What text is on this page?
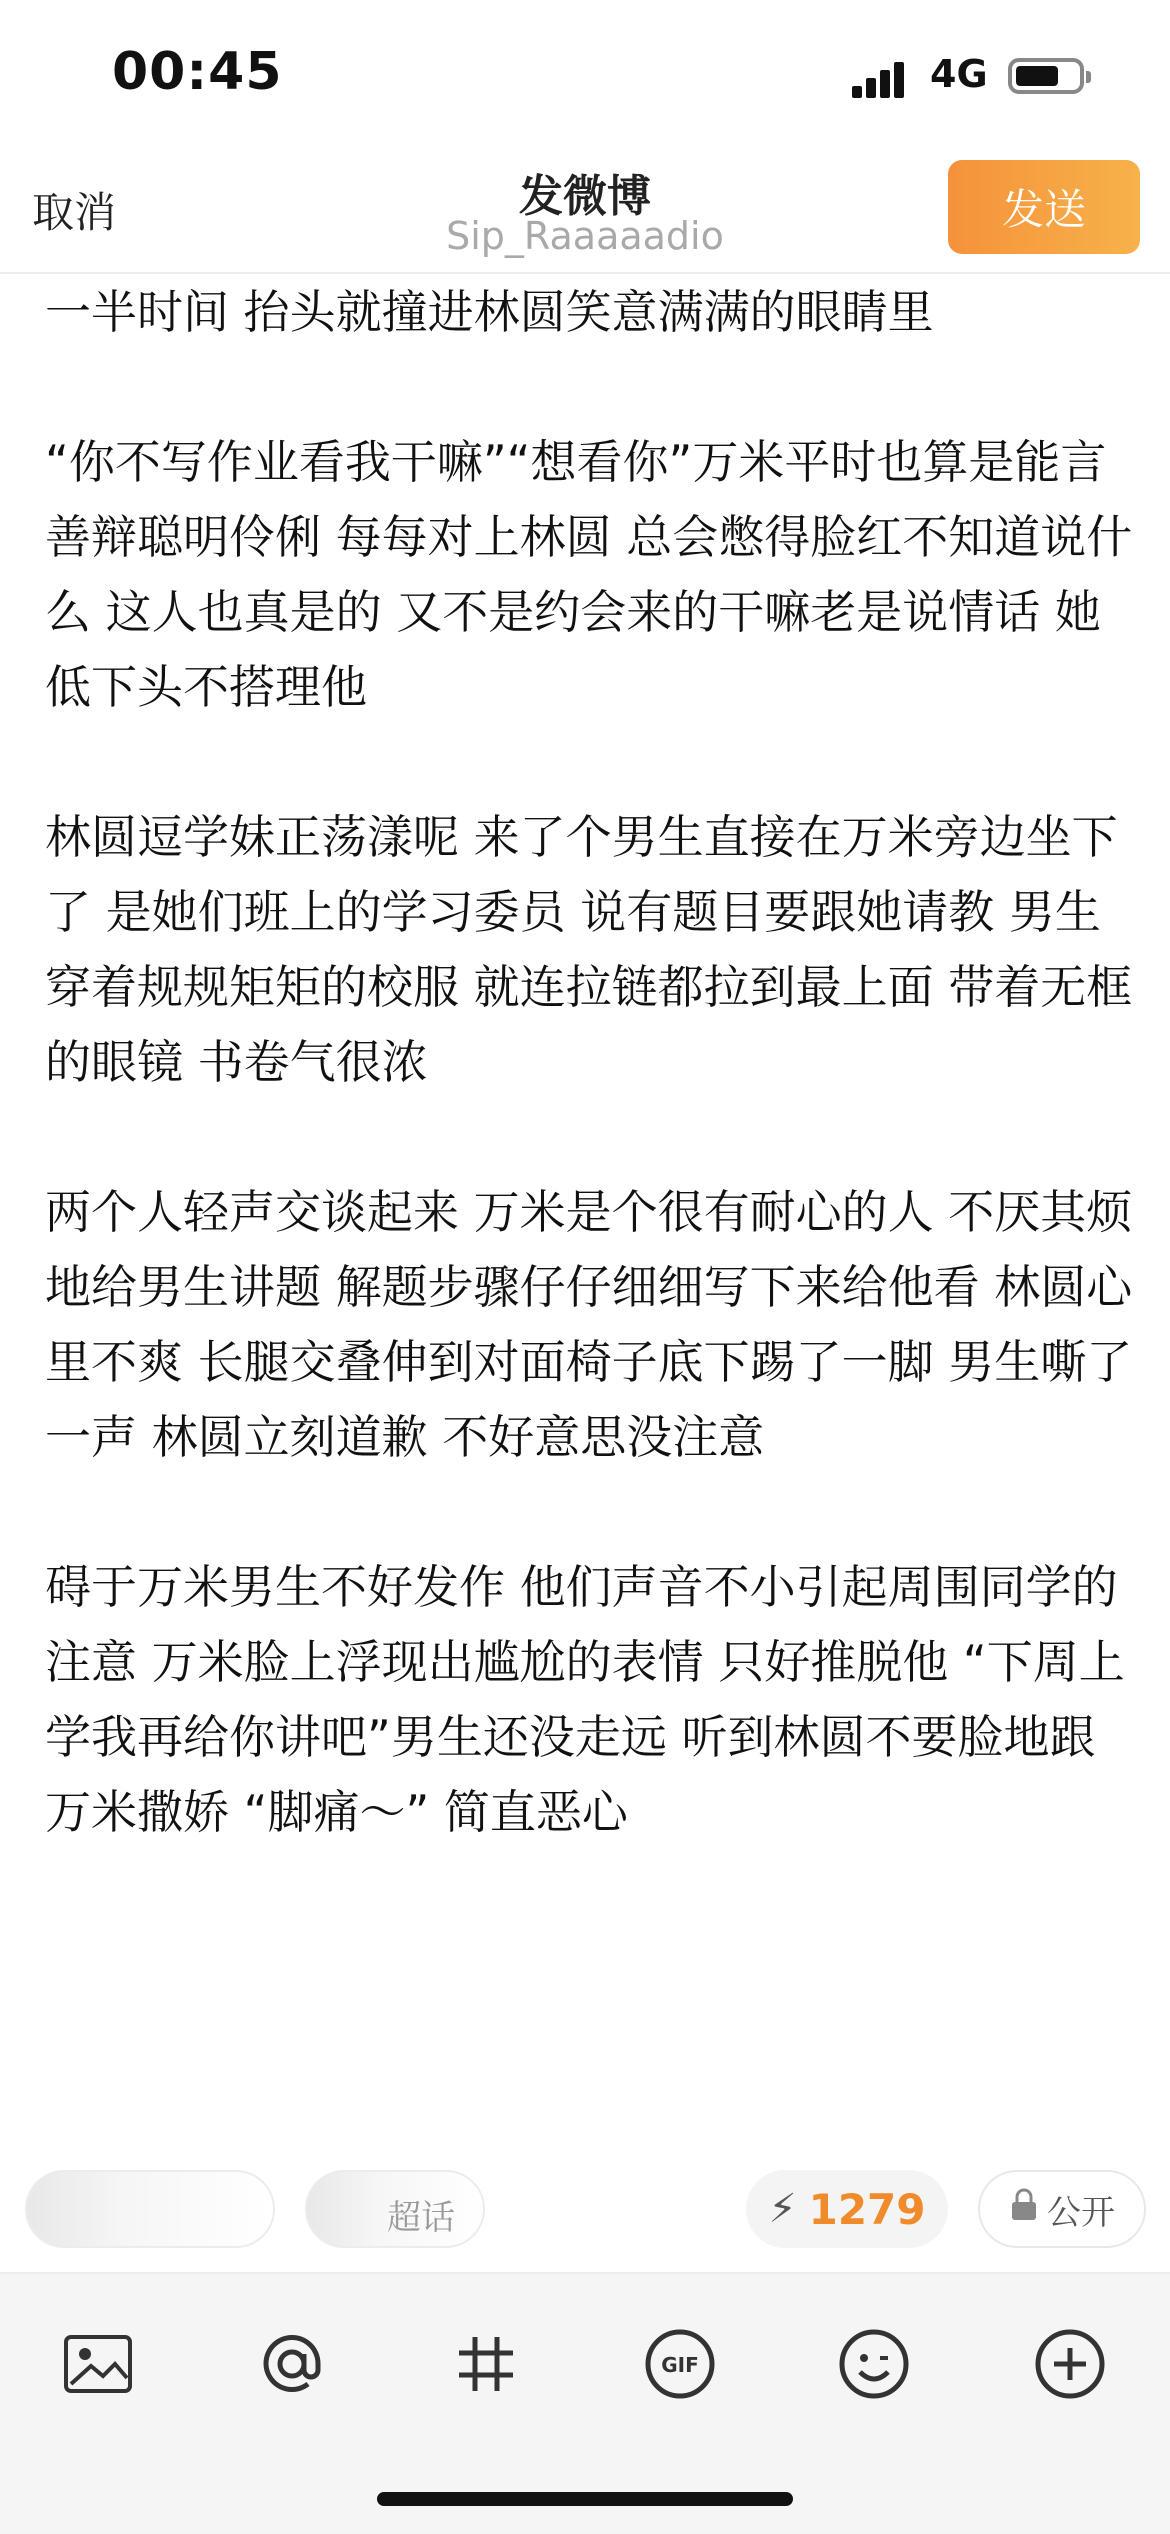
00:45	4G
发微博
Sip_Raaaaadio
取消	发送

一半时间 抬头就撞进林圆笑意满满的眼睛里

“你不写作业看我干嘛”“想看你”万米平时也算是能言善辩聪明伶俐 每每对上林圆 总会憋得脸红不知道说什么 这人也真是的 又不是约会来的干嘛老是说情话 她低下头不搭理他

林圆逗学妹正荡漾呢 来了个男生直接在万米旁边坐下了 是她们班上的学习委员 说有题目要跟她请教 男生穿着规规矩矩的校服 就连拉链都拉到最上面 带着无框的眼镜 书卷气很浓

两个人轻声交谈起来 万米是个很有耐心的人 不厌其烦地给男生讲题 解题步骤仔仔细细写下来给他看 林圆心里不爽 长腿交叠伸到对面椅子底下踢了一脚 男生嘶了一声 林圆立刻道歉 不好意思没注意

碍于万米男生不好发作 他们声音不小引起周围同学的注意 万米脸上浮现出尴尬的表情 只好推脱他 “下周上学我再给你讲吧”男生还没走远 听到林圆不要脸地跟万米撒娇 “脚痛～” 简直恶心

超话	⚡ 1279	公开
GIF
